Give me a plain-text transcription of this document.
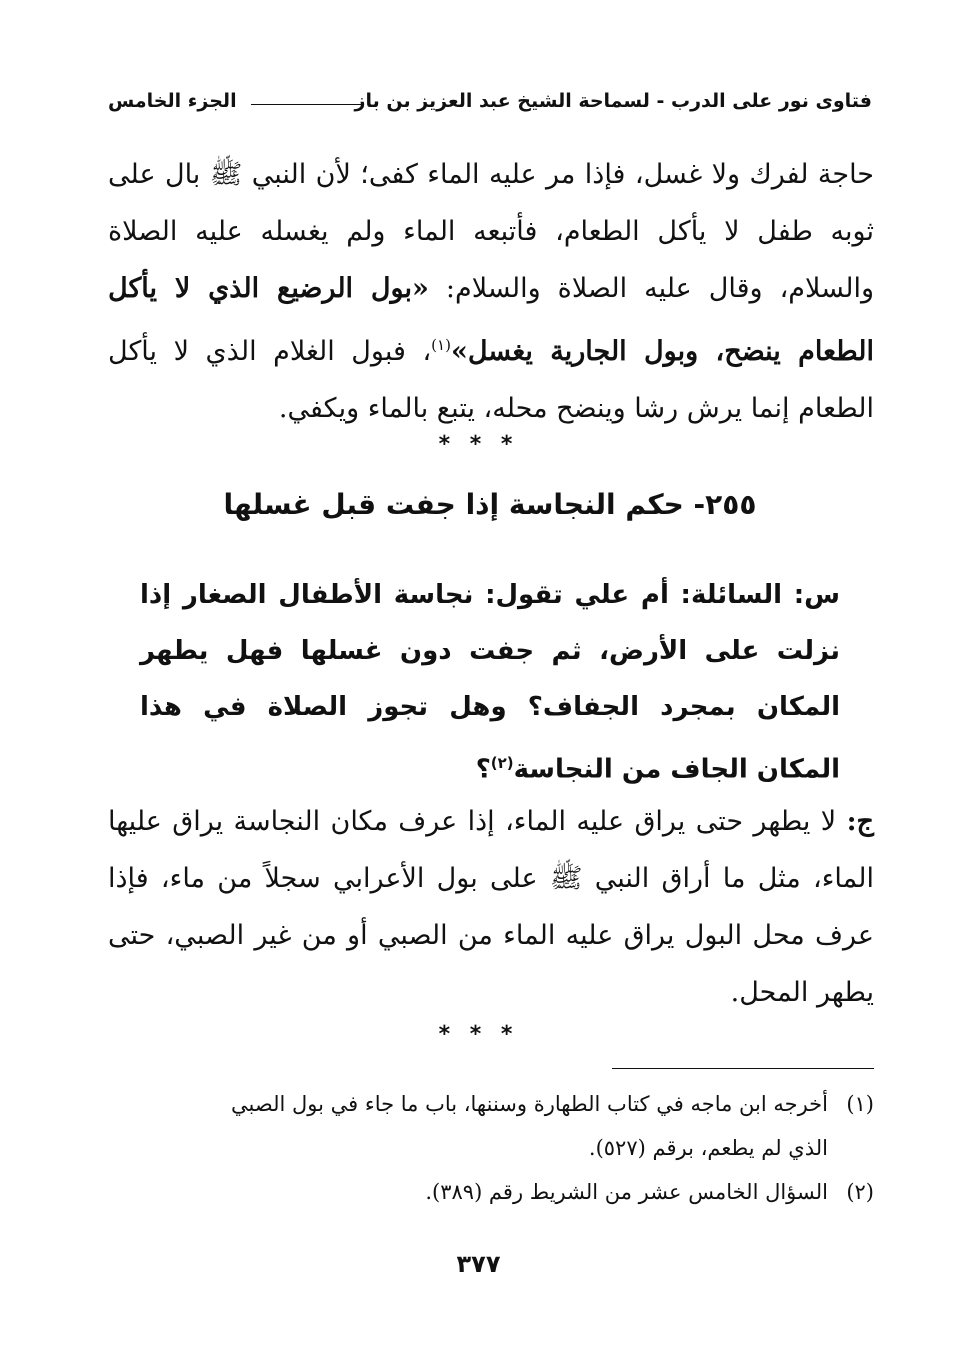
فتاوى نور على الدرب - لسماحة الشيخ عبد العزيز بن باز
الجزء الخامس

حاجة لفرك ولا غسل، فإذا مر عليه الماء كفى؛ لأن النبي ﷺ بال على ثوبه طفل لا يأكل الطعام، فأتبعه الماء ولم يغسله عليه الصلاة والسلام، وقال عليه الصلاة والسلام: «بول الرضيع الذي لا يأكل الطعام ينضح، وبول الجارية يغسل»$^{(١)}$، فبول الغلام الذي لا يأكل الطعام إنما يرش رشا وينضح محله، يتبع بالماء ويكفي.

* * *
٢٥٥- حكم النجاسة إذا جفت قبل غسلها

س: السائلة: أم علي تقول: نجاسة الأطفال الصغار إذا نزلت على الأرض، ثم جفت دون غسلها فهل يطهر المكان بمجرد الجفاف؟ وهل تجوز الصلاة في هذا المكان الجاف من النجاسة$^{(٢)}$؟

ج: لا يطهر حتى يراق عليه الماء، إذا عرف مكان النجاسة يراق عليها الماء، مثل ما أراق النبي ﷺ على بول الأعرابي سجلاً من ماء، فإذا عرف محل البول يراق عليه الماء من الصبي أو من غير الصبي، حتى يطهر المحل.

* * *

(١)أخرجه ابن ماجه في كتاب الطهارة وسننها، باب ما جاء في بول الصبي
الذي لم يطعم، برقم (٥٢٧).

(٢)السؤال الخامس عشر من الشريط رقم (٣٨٩).

٣٧٧
